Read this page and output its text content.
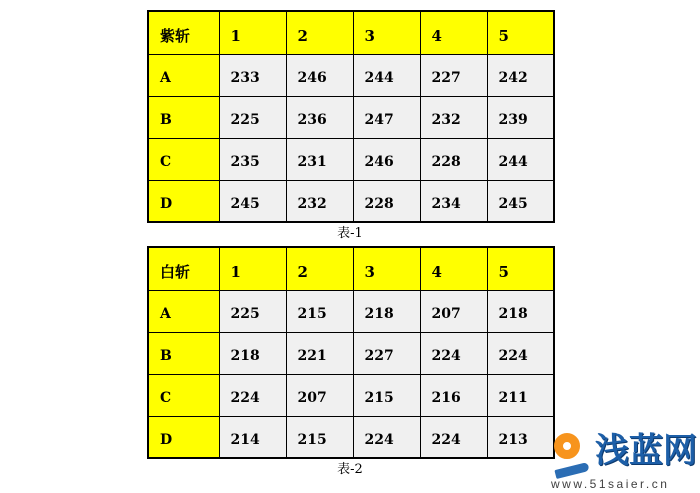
紫斩	1	2	3	4	5
A	233	246	244	227	242
B	225	236	247	232	239
C	235	231	246	228	244
D	245	232	228	234	245
表-1
白斩	1	2	3	4	5
A	225	215	218	207	218
B	218	221	227	224	224
C	224	207	215	216	211
D	214	215	224	224	213
表-2	浅蓝网
www.51saier.cn
